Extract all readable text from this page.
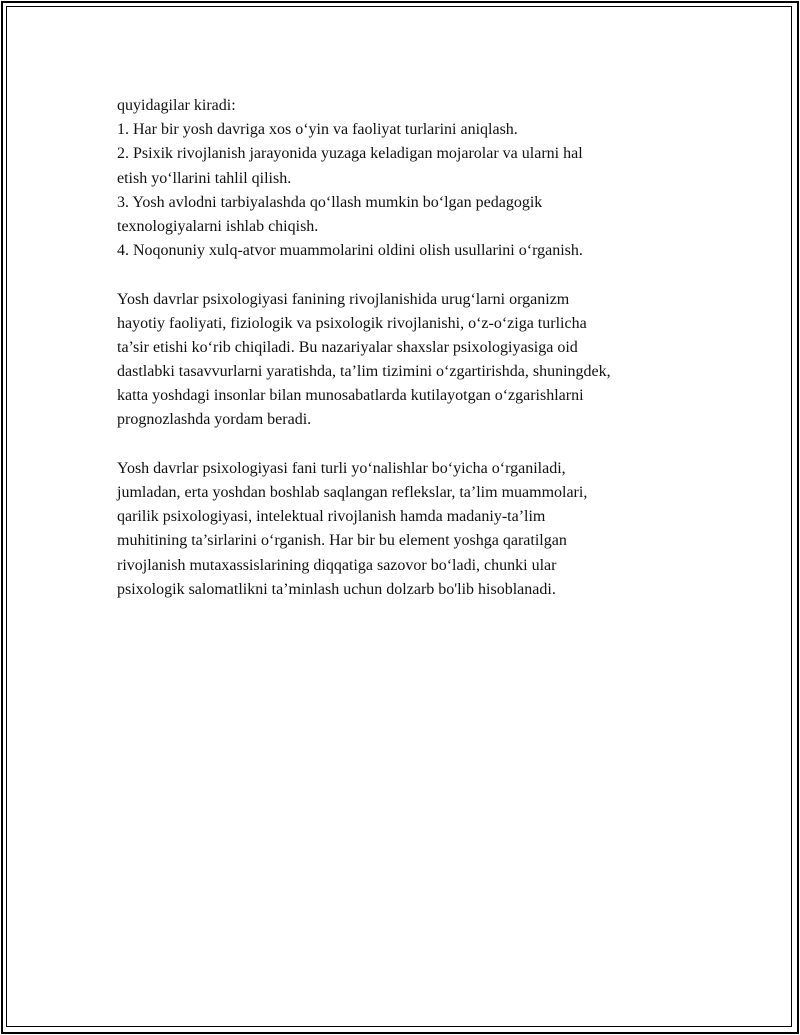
quyidagilar kiradi:
1. Har bir yosh davriga xos o‘yin va faoliyat turlarini aniqlash.
2. Psixik rivojlanish jarayonida yuzaga keladigan mojarolar va ularni hal
etish yo‘llarini tahlil qilish.
3. Yosh avlodni tarbiyalashda qo‘llash mumkin bo‘lgan pedagogik
texnologiyalarni ishlab chiqish.
4. Noqonuniy xulq-atvor muammolarini oldini olish usullarini o‘rganish.
Yosh davrlar psixologiyasi fanining rivojlanishida urug‘larni organizm
hayotiy faoliyati, fiziologik va psixologik rivojlanishi, o‘z-o‘ziga turlicha
ta’sir etishi ko‘rib chiqiladi. Bu nazariyalar shaxslar psixologiyasiga oid
dastlabki tasavvurlarni yaratishda, ta’lim tizimini o‘zgartirishda, shuningdek,
katta yoshdagi insonlar bilan munosabatlarda kutilayotgan o‘zgarishlarni
prognozlashda yordam beradi.
Yosh davrlar psixologiyasi fani turli yo‘nalishlar bo‘yicha o‘rganiladi,
jumladan, erta yoshdan boshlab saqlangan reflekslar, ta’lim muammolari,
qarilik psixologiyasi, intelektual rivojlanish hamda madaniy-ta’lim
muhitining ta’sirlarini o‘rganish. Har bir bu element yoshga qaratilgan
rivojlanish mutaxassislarining diqqatiga sazovor bo‘ladi, chunki ular
psixologik salomatlikni ta’minlash uchun dolzarb bo'lib hisoblanadi.
